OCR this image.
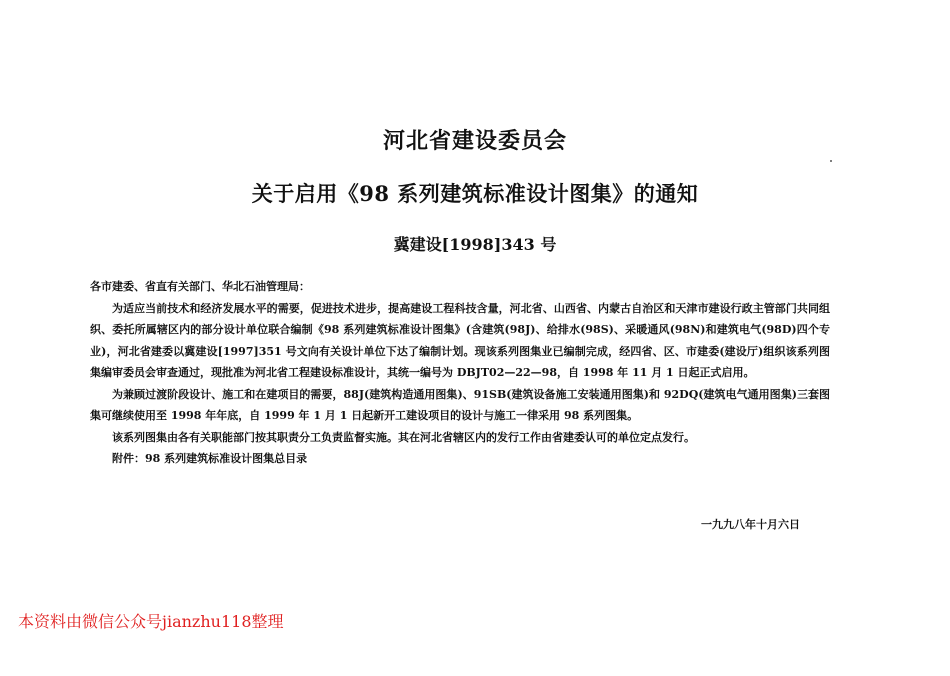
河北省建设委员会
关于启用《98 系列建筑标准设计图集》的通知
冀建设[1998]343 号

各市建委、省直有关部门、华北石油管理局：

为适应当前技术和经济发展水平的需要，促进技术进步，提高建设工程科技含量，河北省、山西省、内蒙古自治区和天津市建设行政主管部门共同组织、委托所属辖区内的部分设计单位联合编制《98 系列建筑标准设计图集》(含建筑(98J)、给排水(98S)、采暖通风(98N)和建筑电气(98D)四个专业)，河北省建委以冀建设[1997]351 号文向有关设计单位下达了编制计划。现该系列图集业已编制完成，经四省、区、市建委(建设厅)组织该系列图集编审委员会审查通过，现批准为河北省工程建设标准设计，其统一编号为 DBJT02—22—98，自 1998 年 11 月 1 日起正式启用。

为兼顾过渡阶段设计、施工和在建项目的需要，88J(建筑构造通用图集)、91SB(建筑设备施工安装通用图集)和 92DQ(建筑电气通用图集)三套图集可继续使用至 1998 年年底，自 1999 年 1 月 1 日起新开工建设项目的设计与施工一律采用 98 系列图集。

该系列图集由各有关职能部门按其职责分工负责监督实施。其在河北省辖区内的发行工作由省建委认可的单位定点发行。

附件：98 系列建筑标准设计图集总目录

一九九八年十月六日
本资料由微信公众号jianzhu118整理
